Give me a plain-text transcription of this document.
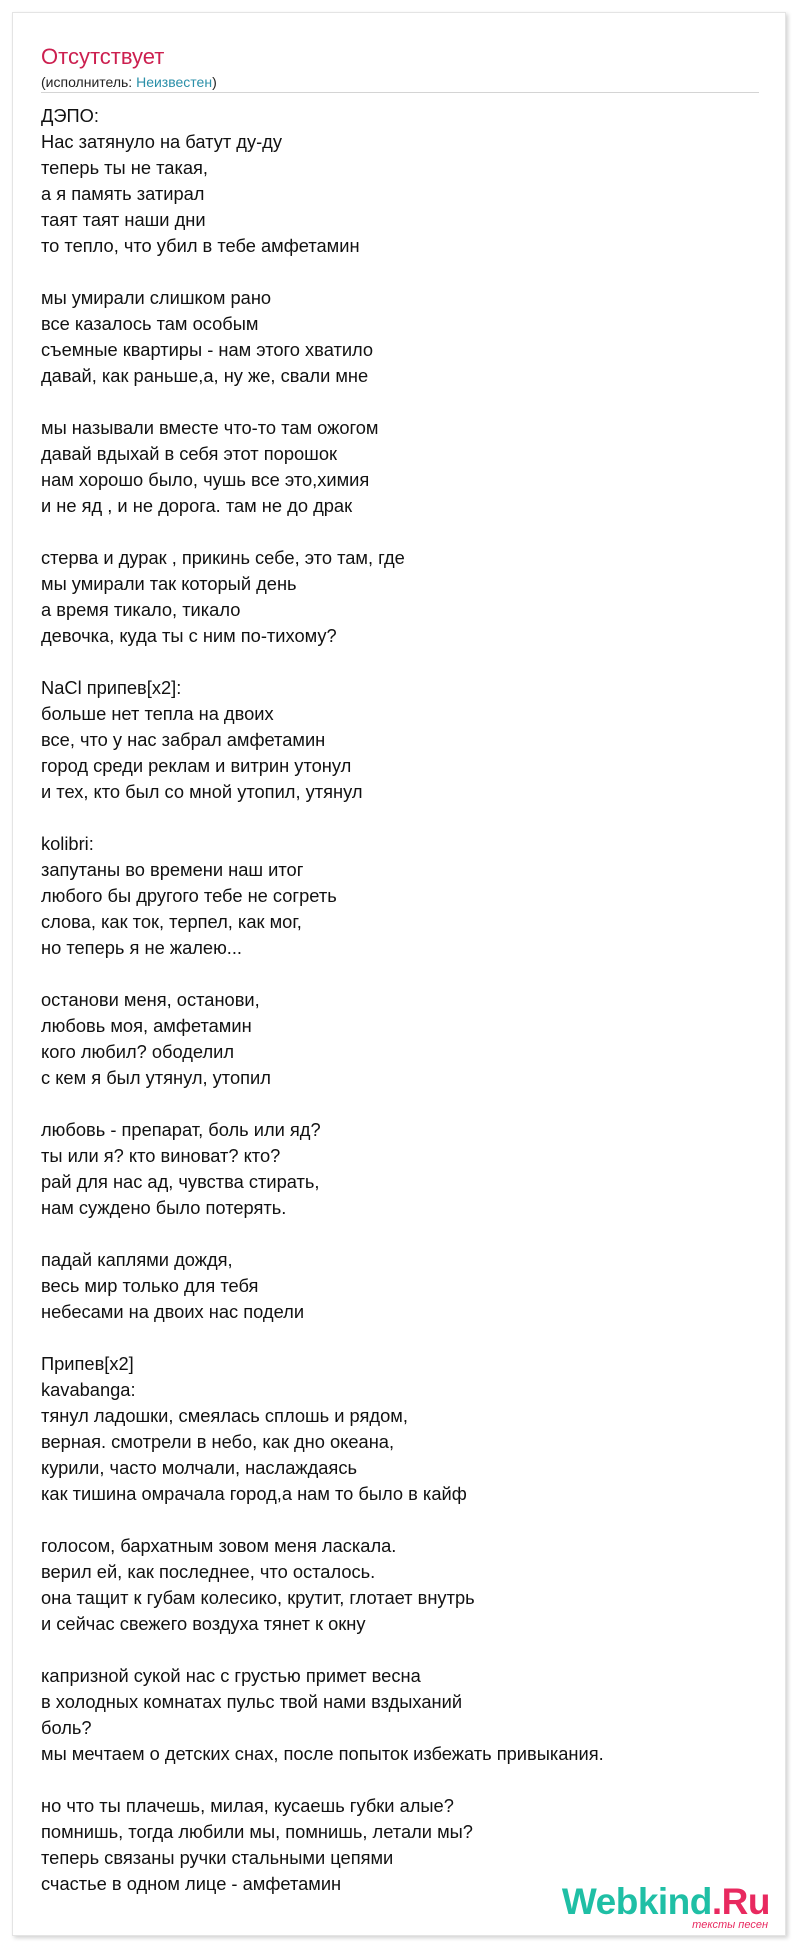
Отсутствует
(исполнитель: Неизвестен)
ДЭПО:
Нас затянуло на батут ду-ду
теперь ты не такая,
а я память затирал
таят таят наши дни
то тепло, что убил в тебе амфетамин
мы умирали слишком рано
все казалось там особым
съемные квартиры - нам этого хватило
давай, как раньше,а, ну же, свали мне
мы называли вместе что-то там ожогом
давай вдыхай в себя этот порошок
нам хорошо было, чушь все это,химия
и не яд , и не дорога. там не до драк
стерва и дурак , прикинь себе, это там, где
мы умирали так который день
а время тикало, тикало
девочка, куда ты с ним по-тихому?
NaCl припев[x2]:
больше нет тепла на двоих
все, что у нас забрал амфетамин
город среди реклам и витрин утонул
и тех, кто был со мной утопил, утянул
kolibri:
запутаны во времени наш итог
любого бы другого тебе не согреть
слова, как ток, терпел, как мог,
но теперь я не жалею...
останови меня, останови,
любовь моя, амфетамин
кого любил? ободелил
с кем я был утянул, утопил
любовь - препарат, боль или яд?
ты или я? кто виноват? кто?
рай для нас ад, чувства стирать,
нам суждено было потерять.
падай каплями дождя,
весь мир только для тебя
небесами на двоих нас подели
Припев[x2]
kavabanga:
тянул ладошки, смеялась сплошь и рядом,
верная. смотрели в небо, как дно океана,
курили, часто молчали, наслаждаясь
как тишина омрачала город,а нам то было в кайф
голосом, бархатным зовом меня ласкала.
верил ей, как последнее, что осталось.
она тащит к губам колесико, крутит, глотает внутрь
и сейчас свежего воздуха тянет к окну
капризной сукой нас с грустью примет весна
в холодных комнатах пульс твой нами вздыханий
боль?
мы мечтаем о детских снах, после попыток избежать привыкания.
но что ты плачешь, милая, кусаешь губки алые?
помнишь, тогда любили мы, помнишь, летали мы?
теперь связаны ручки стальными цепями
счастье в одном лице - амфетамин	Webkind.Ru
тексты песен
